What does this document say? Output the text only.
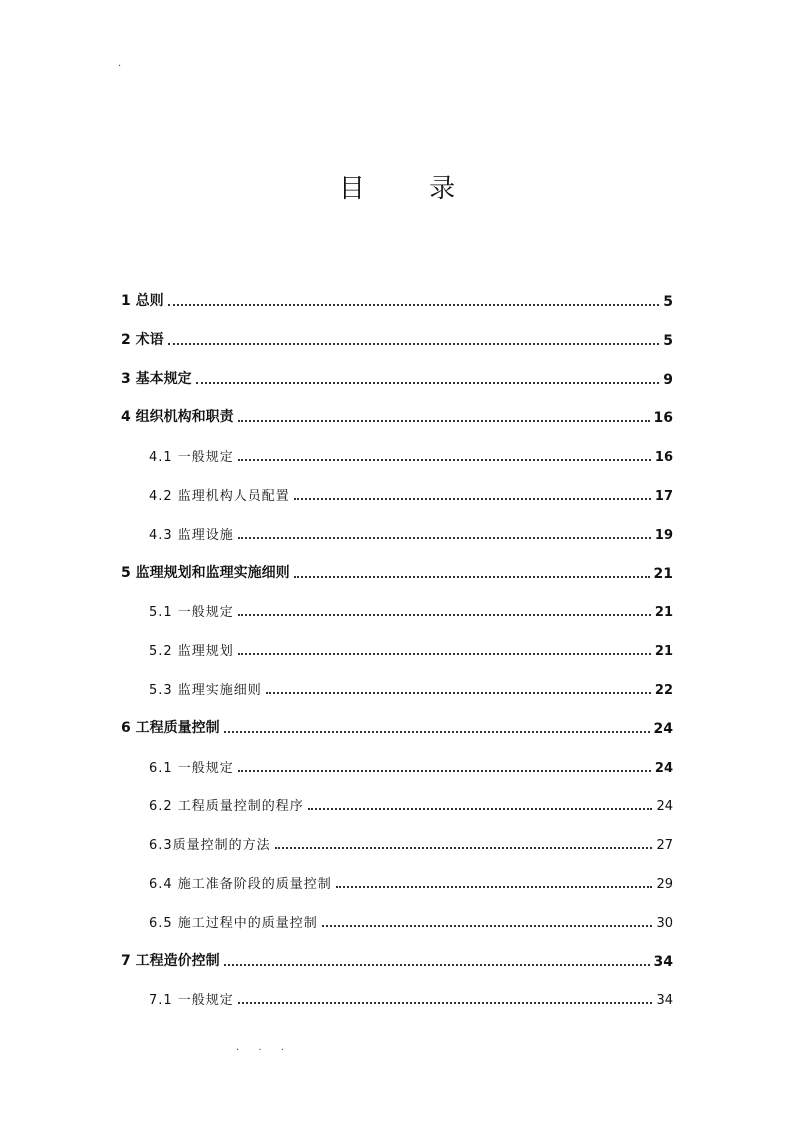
.
目 录
1 总则	5
2 术语	5
3 基本规定	9
4 组织机构和职责	16
4.1 一般规定	16
4.2 监理机构人员配置	17
4.3 监理设施	19
5 监理规划和监理实施细则	21
5.1 一般规定	21
5.2 监理规划	21
5.3 监理实施细则	22
6 工程质量控制	24
6.1 一般规定	24
6.2 工程质量控制的程序	24
6.3质量控制的方法	27
6.4 施工准备阶段的质量控制	29
6.5 施工过程中的质量控制	30
7 工程造价控制	34
7.1 一般规定	34
. . .
